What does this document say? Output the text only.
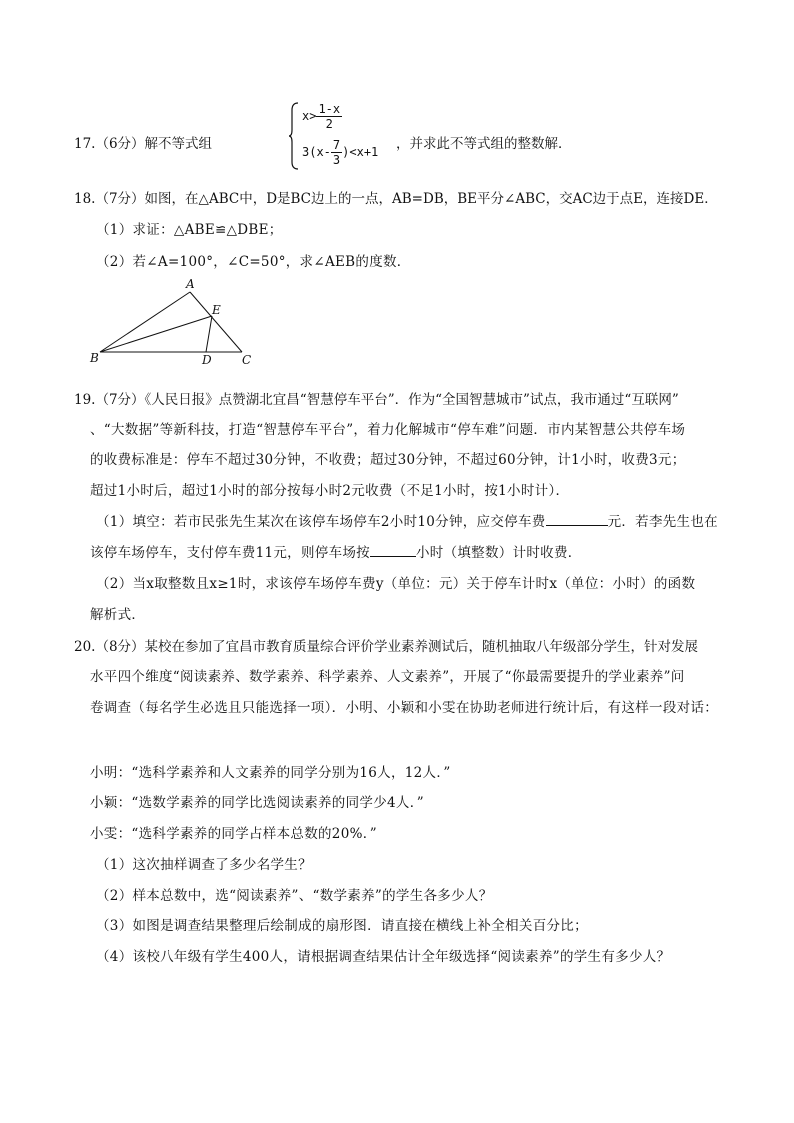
17.（6分）解不等式组
$x> \frac{1-x}{2}$
$3(x- \frac{7}{3} )<x+1$ ，并求此不等式组的整数解．
18.（7分）如图，在△ABC中，D是BC边上的一点，AB=DB，BE平分∠ABC，交AC边于点E，连接DE．
（1）求证：△ABE≌△DBE；
（2）若∠A=100°，∠C=50°，求∠AEB的度数．
A
E
B	D	C
19.（7分）《人民日报》点赞湖北宜昌“智慧停车平台”．作为“全国智慧城市”试点，我市通过“互联网”
、“大数据”等新科技，打造“智慧停车平台”，着力化解城市“停车难”问题．市内某智慧公共停车场
的收费标准是：停车不超过30分钟，不收费；超过30分钟，不超过60分钟，计1小时，收费3元；
超过1小时后，超过1小时的部分按每小时2元收费（不足1小时，按1小时计）．
（1）填空：若市民张先生某次在该停车场停车2小时10分钟，应交停车费	元．若李先生也在
该停车场停车，支付停车费11元，则停车场按	小时（填整数）计时收费．
（2）当x取整数且x≥1时，求该停车场停车费y（单位：元）关于停车计时x（单位：小时）的函数
解析式．
20.（8分）某校在参加了宜昌市教育质量综合评价学业素养测试后，随机抽取八年级部分学生，针对发展
水平四个维度“阅读素养、数学素养、科学素养、人文素养”，开展了“你最需要提升的学业素养”问
卷调查（每名学生必选且只能选择一项）．小明、小颖和小雯在协助老师进行统计后，有这样一段对话：
小明：“选科学素养和人文素养的同学分别为16人，12人．”
小颖：“选数学素养的同学比选阅读素养的同学少4人．”
小雯：“选科学素养的同学占样本总数的20%．”
（1）这次抽样调查了多少名学生？
（2）样本总数中，选“阅读素养”、“数学素养”的学生各多少人？
（3）如图是调查结果整理后绘制成的扇形图．请直接在横线上补全相关百分比；
（4）该校八年级有学生400人，请根据调查结果估计全年级选择“阅读素养”的学生有多少人？
